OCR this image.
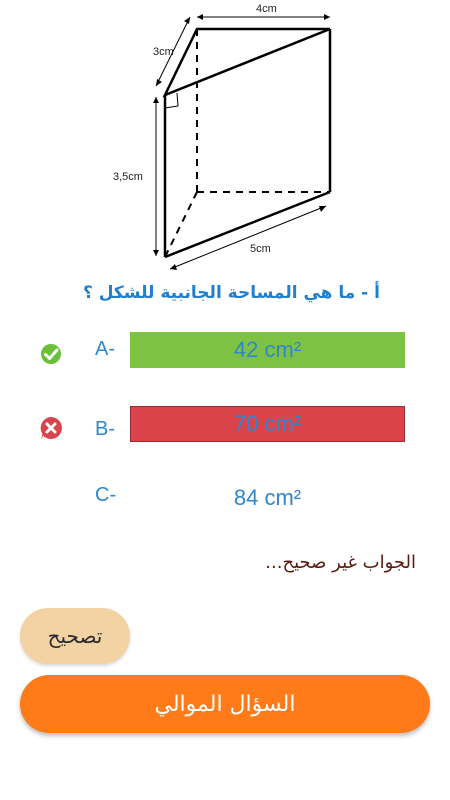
4cm
3cm
3,5cm
5cm
أ - ما هي المساحة الجانبية للشكل ؟
A-	42 cm²
B-	70 cm²
C-	84 cm²
الجواب غير صحيح...
تصحيح
السؤال الموالي
